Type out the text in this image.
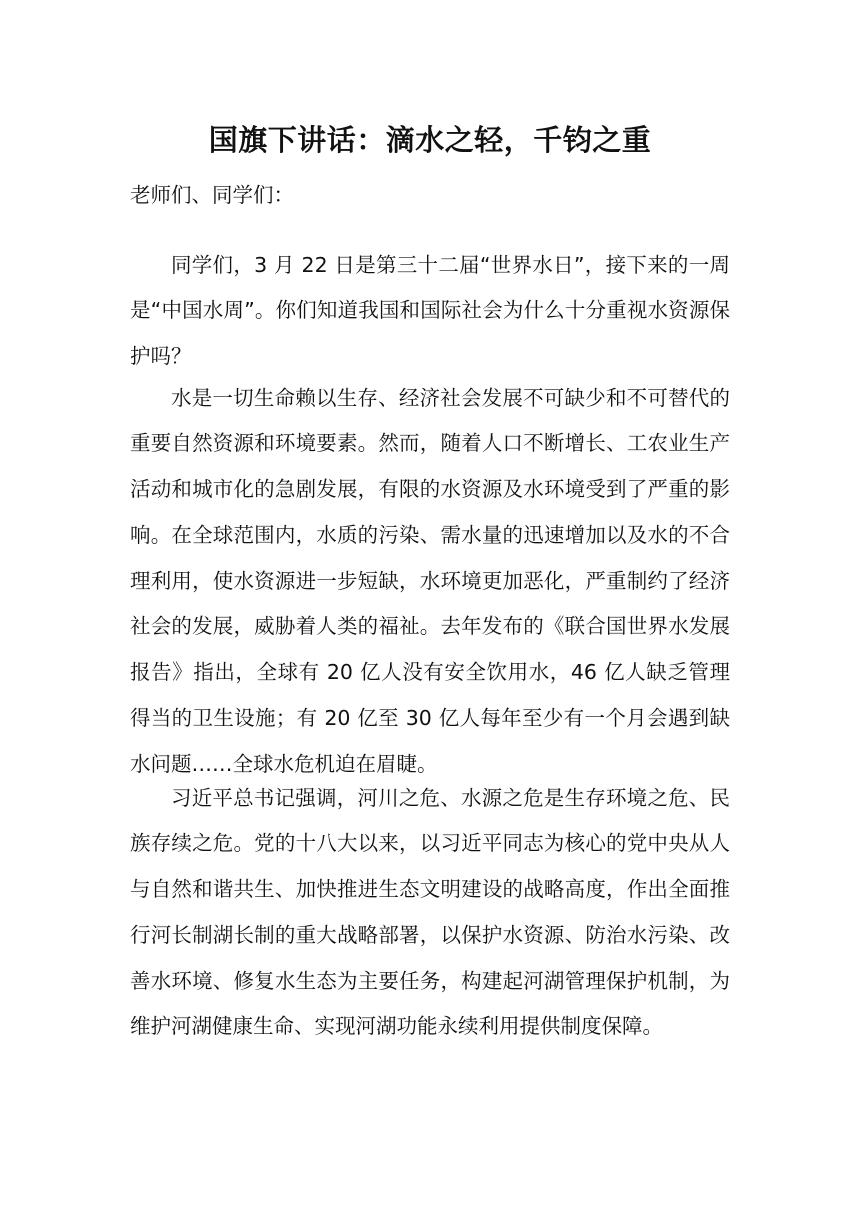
国旗下讲话：滴水之轻，千钧之重
老师们、同学们：

同学们，3 月 22 日是第三十二届“世界水日”，接下来的一周是“中国水周”。你们知道我国和国际社会为什么十分重视水资源保护吗？

水是一切生命赖以生存、经济社会发展不可缺少和不可替代的重要自然资源和环境要素。然而，随着人口不断增长、工农业生产活动和城市化的急剧发展，有限的水资源及水环境受到了严重的影响。在全球范围内，水质的污染、需水量的迅速增加以及水的不合理利用，使水资源进一步短缺，水环境更加恶化，严重制约了经济社会的发展，威胁着人类的福祉。去年发布的《联合国世界水发展报告》指出，全球有 20 亿人没有安全饮用水，46 亿人缺乏管理得当的卫生设施；有 20 亿至 30 亿人每年至少有一个月会遇到缺水问题……全球水危机迫在眉睫。

习近平总书记强调，河川之危、水源之危是生存环境之危、民族存续之危。党的十八大以来，以习近平同志为核心的党中央从人与自然和谐共生、加快推进生态文明建设的战略高度，作出全面推行河长制湖长制的重大战略部署，以保护水资源、防治水污染、改善水环境、修复水生态为主要任务，构建起河湖管理保护机制，为维护河湖健康生命、实现河湖功能永续利用提供制度保障。
